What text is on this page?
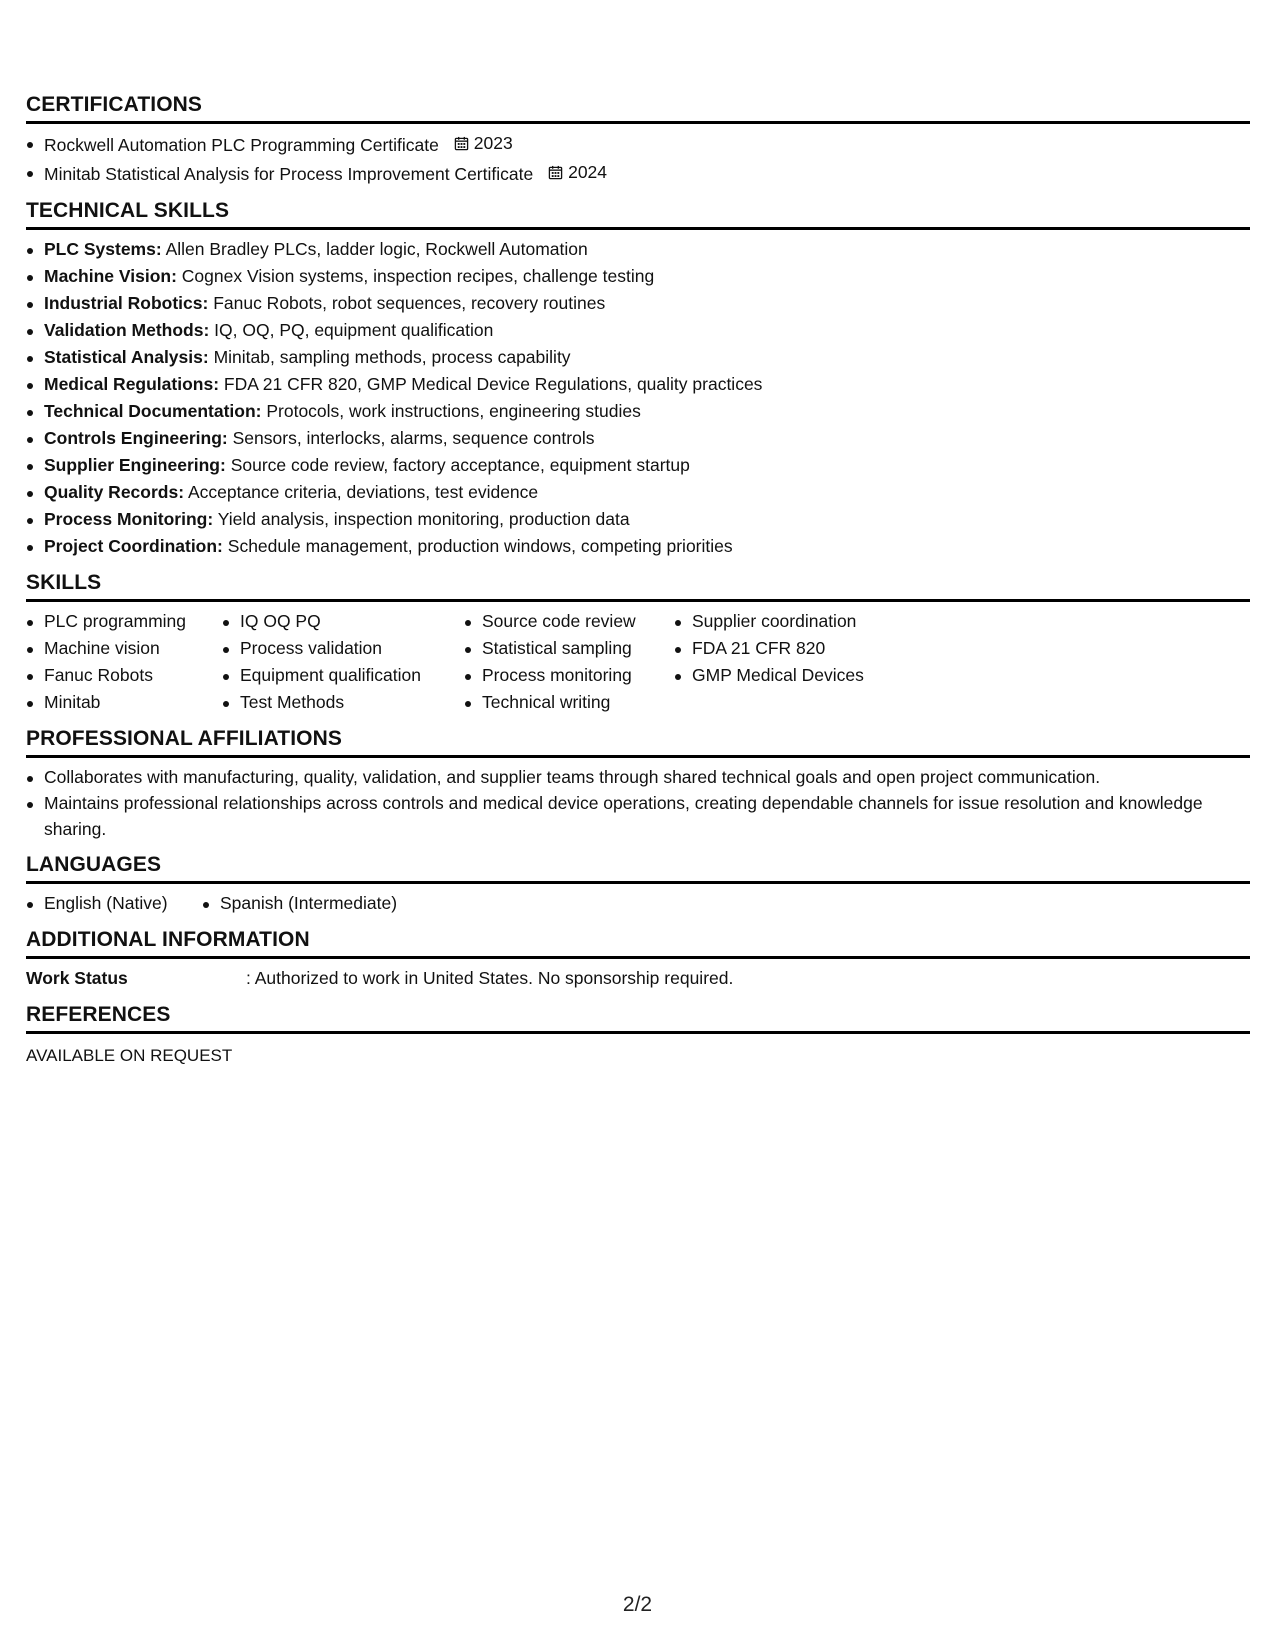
CERTIFICATIONS
Rockwell Automation PLC Programming Certificate 2023
Minitab Statistical Analysis for Process Improvement Certificate 2024
TECHNICAL SKILLS
PLC Systems: Allen Bradley PLCs, ladder logic, Rockwell Automation
Machine Vision: Cognex Vision systems, inspection recipes, challenge testing
Industrial Robotics: Fanuc Robots, robot sequences, recovery routines
Validation Methods: IQ, OQ, PQ, equipment qualification
Statistical Analysis: Minitab, sampling methods, process capability
Medical Regulations: FDA 21 CFR 820, GMP Medical Device Regulations, quality practices
Technical Documentation: Protocols, work instructions, engineering studies
Controls Engineering: Sensors, interlocks, alarms, sequence controls
Supplier Engineering: Source code review, factory acceptance, equipment startup
Quality Records: Acceptance criteria, deviations, test evidence
Process Monitoring: Yield analysis, inspection monitoring, production data
Project Coordination: Schedule management, production windows, competing priorities
SKILLS
PLC programming
Machine vision
Fanuc Robots
Minitab
IQ OQ PQ
Process validation
Equipment qualification
Test Methods
Source code review
Statistical sampling
Process monitoring
Technical writing
Supplier coordination
FDA 21 CFR 820
GMP Medical Devices
PROFESSIONAL AFFILIATIONS
Collaborates with manufacturing, quality, validation, and supplier teams through shared technical goals and open project communication.
Maintains professional relationships across controls and medical device operations, creating dependable channels for issue resolution and knowledge sharing.
LANGUAGES
English (Native)	Spanish (Intermediate)
ADDITIONAL INFORMATION
Work Status	: Authorized to work in United States. No sponsorship required.
REFERENCES
AVAILABLE ON REQUEST
2/2
